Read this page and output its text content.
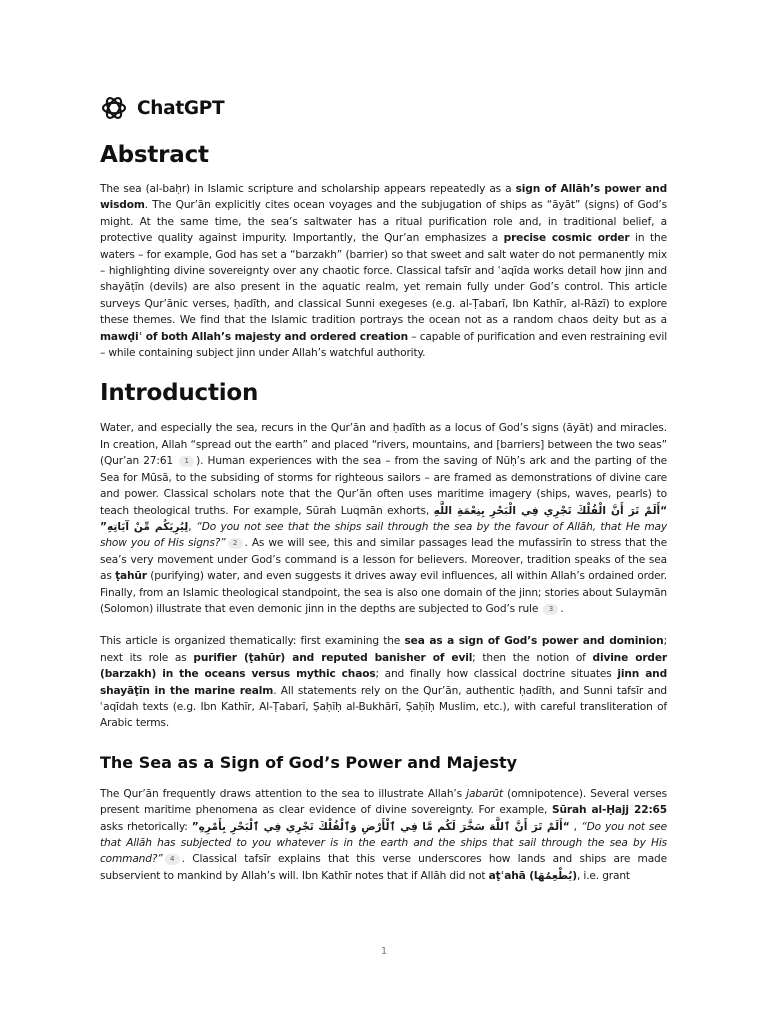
ChatGPT
Abstract

The sea (al-baḥr) in Islamic scripture and scholarship appears repeatedly as a sign of Allāh’s power and wisdom. The Qur’ān explicitly cites ocean voyages and the subjugation of ships as “āyāt” (signs) of God’s might. At the same time, the sea’s saltwater has a ritual purification role and, in traditional belief, a protective quality against impurity. Importantly, the Qur’an emphasizes a precise cosmic order in the waters – for example, God has set a “barzakh” (barrier) so that sweet and salt water do not permanently mix – highlighting divine sovereignty over any chaotic force. Classical tafsīr and ʿaqīda works detail how jinn and shayāṭīn (devils) are also present in the aquatic realm, yet remain fully under God’s control. This article surveys Qur’ānic verses, ḥadīth, and classical Sunni exegeses (e.g. al-Ṭabarī, Ibn Kathīr, al-Rāzī) to explore these themes. We find that the Islamic tradition portrays the ocean not as a random chaos deity but as a mawḍiʿ of both Allah’s majesty and ordered creation – capable of purification and even restraining evil – while containing subject jinn under Allah’s watchful authority.

Introduction

Water, and especially the sea, recurs in the Qur’ān and ḥadīth as a locus of God’s signs (āyāt) and miracles. In creation, Allah “spread out the earth” and placed “rivers, mountains, and [barriers] between the two seas” (Qur’an 27:61 1 ). Human experiences with the sea – from the saving of Nūḥ’s ark and the parting of the Sea for Mūsā, to the subsiding of storms for righteous sailors – are framed as demonstrations of divine care and power. Classical scholars note that the Qur’ān often uses maritime imagery (ships, waves, pearls) to teach theological truths. For example, Sūrah Luqmān exhorts, “أَلَمْ تَرَ أَنَّ الْفُلْكَ تَجْرِي فِي الْبَحْرِ بِنِعْمَةِ اللَّهِ لِيُرِيَكُم مِّنْ آيَاتِهِ”, “Do you not see that the ships sail through the sea by the favour of Allāh, that He may show you of His signs?” 2 . As we will see, this and similar passages lead the mufassirīn to stress that the sea’s very movement under God’s command is a lesson for believers. Moreover, tradition speaks of the sea as ṭahūr (purifying) water, and even suggests it drives away evil influences, all within Allah’s ordained order. Finally, from an Islamic theological standpoint, the sea is also one domain of the jinn; stories about Sulaymān (Solomon) illustrate that even demonic jinn in the depths are subjected to God’s rule 3 .

This article is organized thematically: first examining the sea as a sign of God’s power and dominion; next its role as purifier (ṭahūr) and reputed banisher of evil; then the notion of divine order (barzakh) in the oceans versus mythic chaos; and finally how classical doctrine situates jinn and shayāṭīn in the marine realm. All statements rely on the Qur’ān, authentic ḥadīth, and Sunni tafsīr and ʿaqīdah texts (e.g. Ibn Kathīr, Al-Ṭabarī, Ṣaḥīḥ al-Bukhārī, Ṣaḥīḥ Muslim, etc.), with careful transliteration of Arabic terms.

The Sea as a Sign of God’s Power and Majesty

The Qur’ān frequently draws attention to the sea to illustrate Allah’s jabarūt (omnipotence). Several verses present maritime phenomena as clear evidence of divine sovereignty. For example, Sūrah al-Ḥajj 22:65 asks rhetorically: “أَلَمْ تَرَ أَنَّ ٱللَّهَ سَخَّرَ لَكُم مَّا فِي ٱلْأَرْضِ وَٱلْفُلْكَ تَجْرِي فِي ٱلْبَحْرِ بِأَمْرِهِ” , “Do you not see that Allāh has subjected to you whatever is in the earth and the ships that sail through the sea by His command?” 4 . Classical tafsīr explains that this verse underscores how lands and ships are made subservient to mankind by Allah’s will. Ibn Kathīr notes that if Allāh did not aṭʿahā (يُطْعِمُهَا), i.e. grant

1
